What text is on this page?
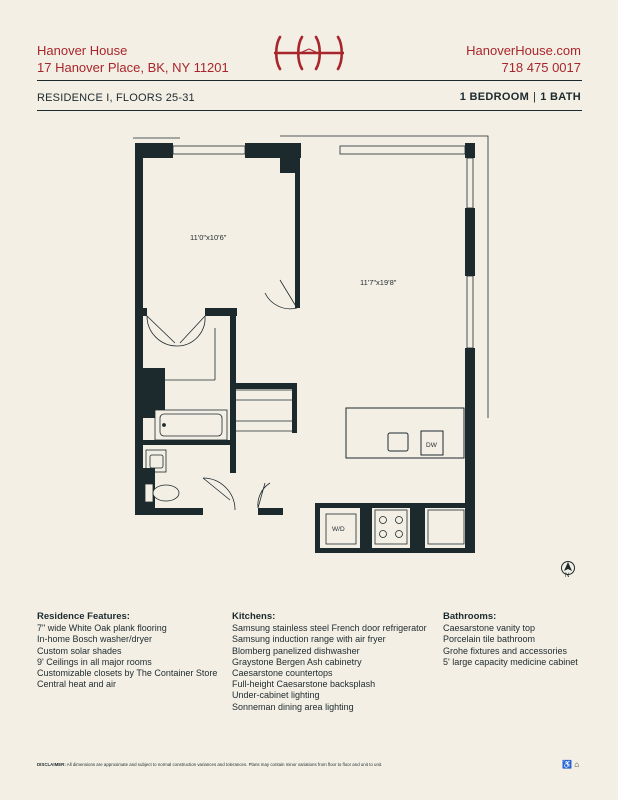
Hanover House
17 Hanover Place, BK, NY 11201
HanoverHouse.com
718 475 0017
RESIDENCE I, FLOORS 25-31	1 BEDROOM | 1 BATH
11'0"x10'6"
11'7"x19'8"
DW
W/D
N
Residence Features:
7" wide White Oak plank flooring
In-home Bosch washer/dryer
Custom solar shades
9' Ceilings in all major rooms
Customizable closets by The Container Store
Central heat and air
Kitchens:
Samsung stainless steel French door refrigerator
Samsung induction range with air fryer
Blomberg panelized dishwasher
Graystone Bergen Ash cabinetry
Caesarstone countertops
Full-height Caesarstone backsplash
Under-cabinet lighting
Sonneman dining area lighting
Bathrooms:
Caesarstone vanity top
Porcelain tile bathroom
Grohe fixtures and accessories
5' large capacity medicine cabinet
DISCLAIMER: All dimensions are approximate and subject to normal construction variances and tolerances. Plans may contain minor variations from floor to floor and unit to unit.	♿ ⌂
